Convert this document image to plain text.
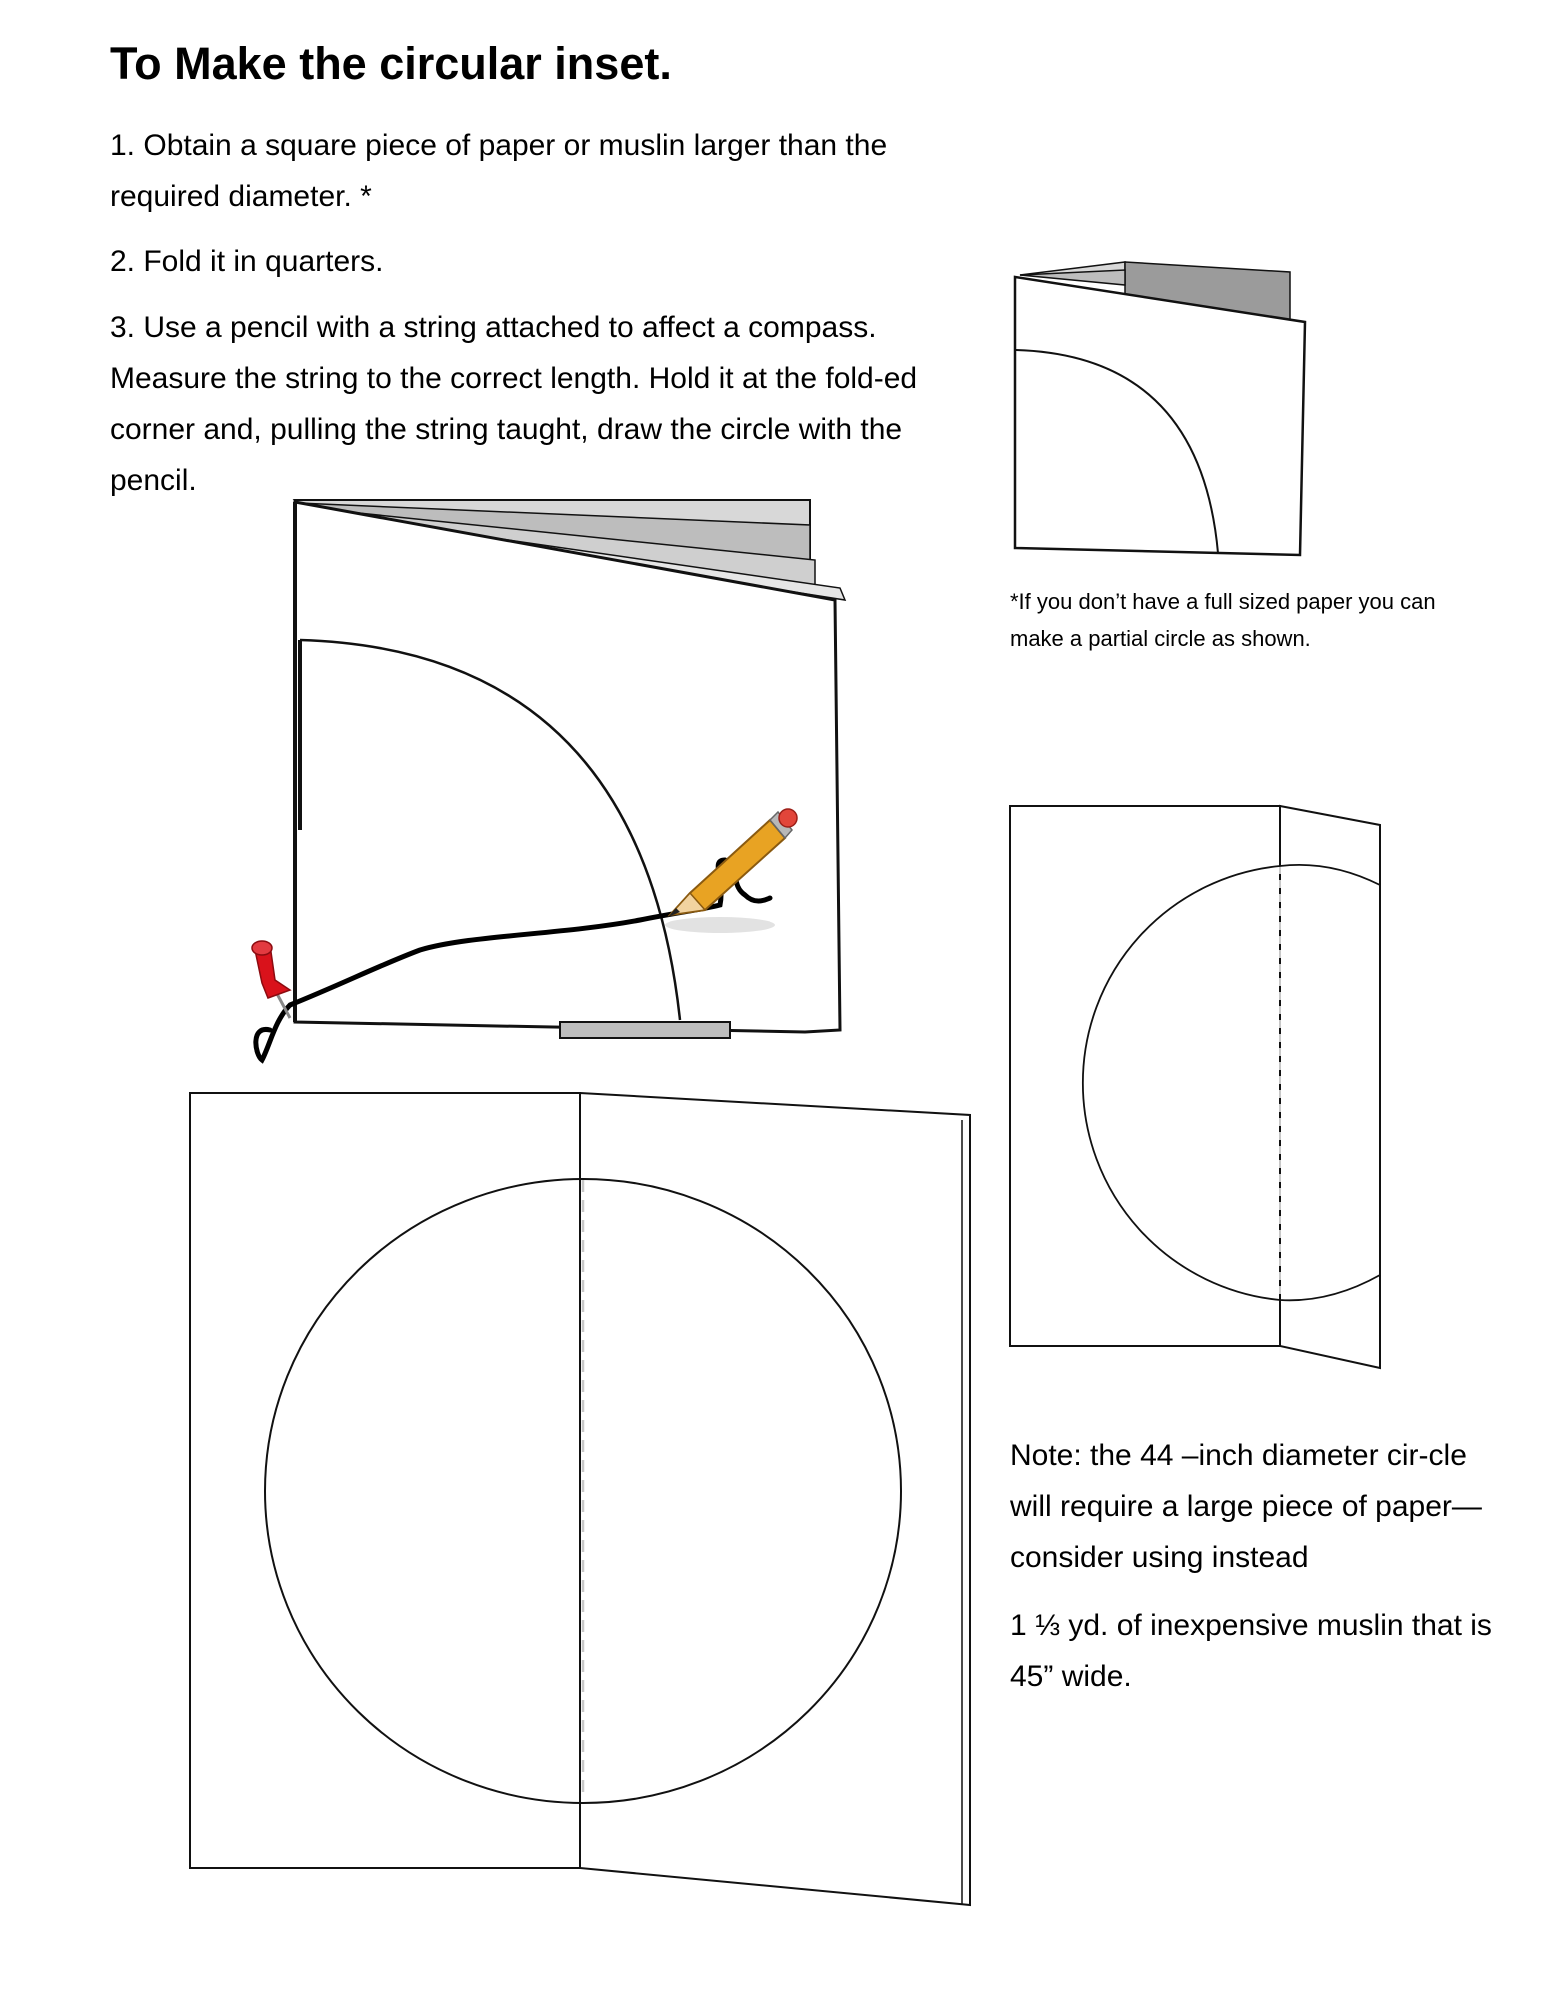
To Make the circular inset.

1. Obtain a square piece of paper or muslin larger than the required diameter. *

2. Fold it in quarters.

3. Use a pencil with a string attached to affect a compass. Measure the string to the correct length. Hold it at the fold-ed corner and, pulling the string taught, draw the circle with the pencil.

*If you don’t have a full sized paper you can make a partial circle as shown.

Note: the 44 –inch diameter cir-cle will require a large piece of paper—consider using instead

1 ⅓ yd. of inexpensive muslin that is 45” wide.
